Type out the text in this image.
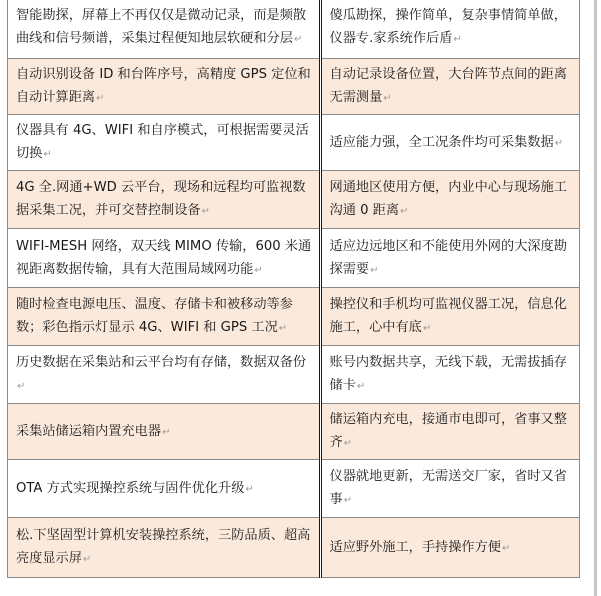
智能勘探，屏幕上不再仅仅是微动记录，而是频散曲线和信号频谱，采集过程便知地层软硬和分层↵	傻瓜勘探，操作简单，复杂事情简单做，仪器专.家系统作后盾↵
自动识别设备 ID 和台阵序号，高精度 GPS 定位和自动计算距离↵	自动记录设备位置，大台阵节点间的距离无需测量↵
仪器具有 4G、WIFI 和自序模式，可根据需要灵活切换↵	适应能力强，全工况条件均可采集数据↵
4G 全.网通+WD 云平台，现场和远程均可监视数据采集工况，并可交替控制设备↵	网通地区使用方便，内业中心与现场施工沟通 0 距离↵
WIFI-MESH 网络，双天线 MIMO 传输，600 米通视距离数据传输，具有大范围局域网功能↵	适应边远地区和不能使用外网的大深度勘探需要↵
随时检查电源电压、温度、存储卡和被移动等参数；彩色指示灯显示 4G、WIFI 和 GPS 工况↵	操控仪和手机均可监视仪器工况，信息化施工，心中有底↵
历史数据在采集站和云平台均有存储，数据双备份↵	账号内数据共享，无线下载，无需拔插存储卡↵
采集站储运箱内置充电器↵	储运箱内充电，接通市电即可，省事又整齐↵
OTA 方式实现操控系统与固件优化升级↵	仪器就地更新，无需送交厂家，省时又省事↵
松.下坚固型计算机安装操控系统，三防品质、超高亮度显示屏↵	适应野外施工，手持操作方便↵
